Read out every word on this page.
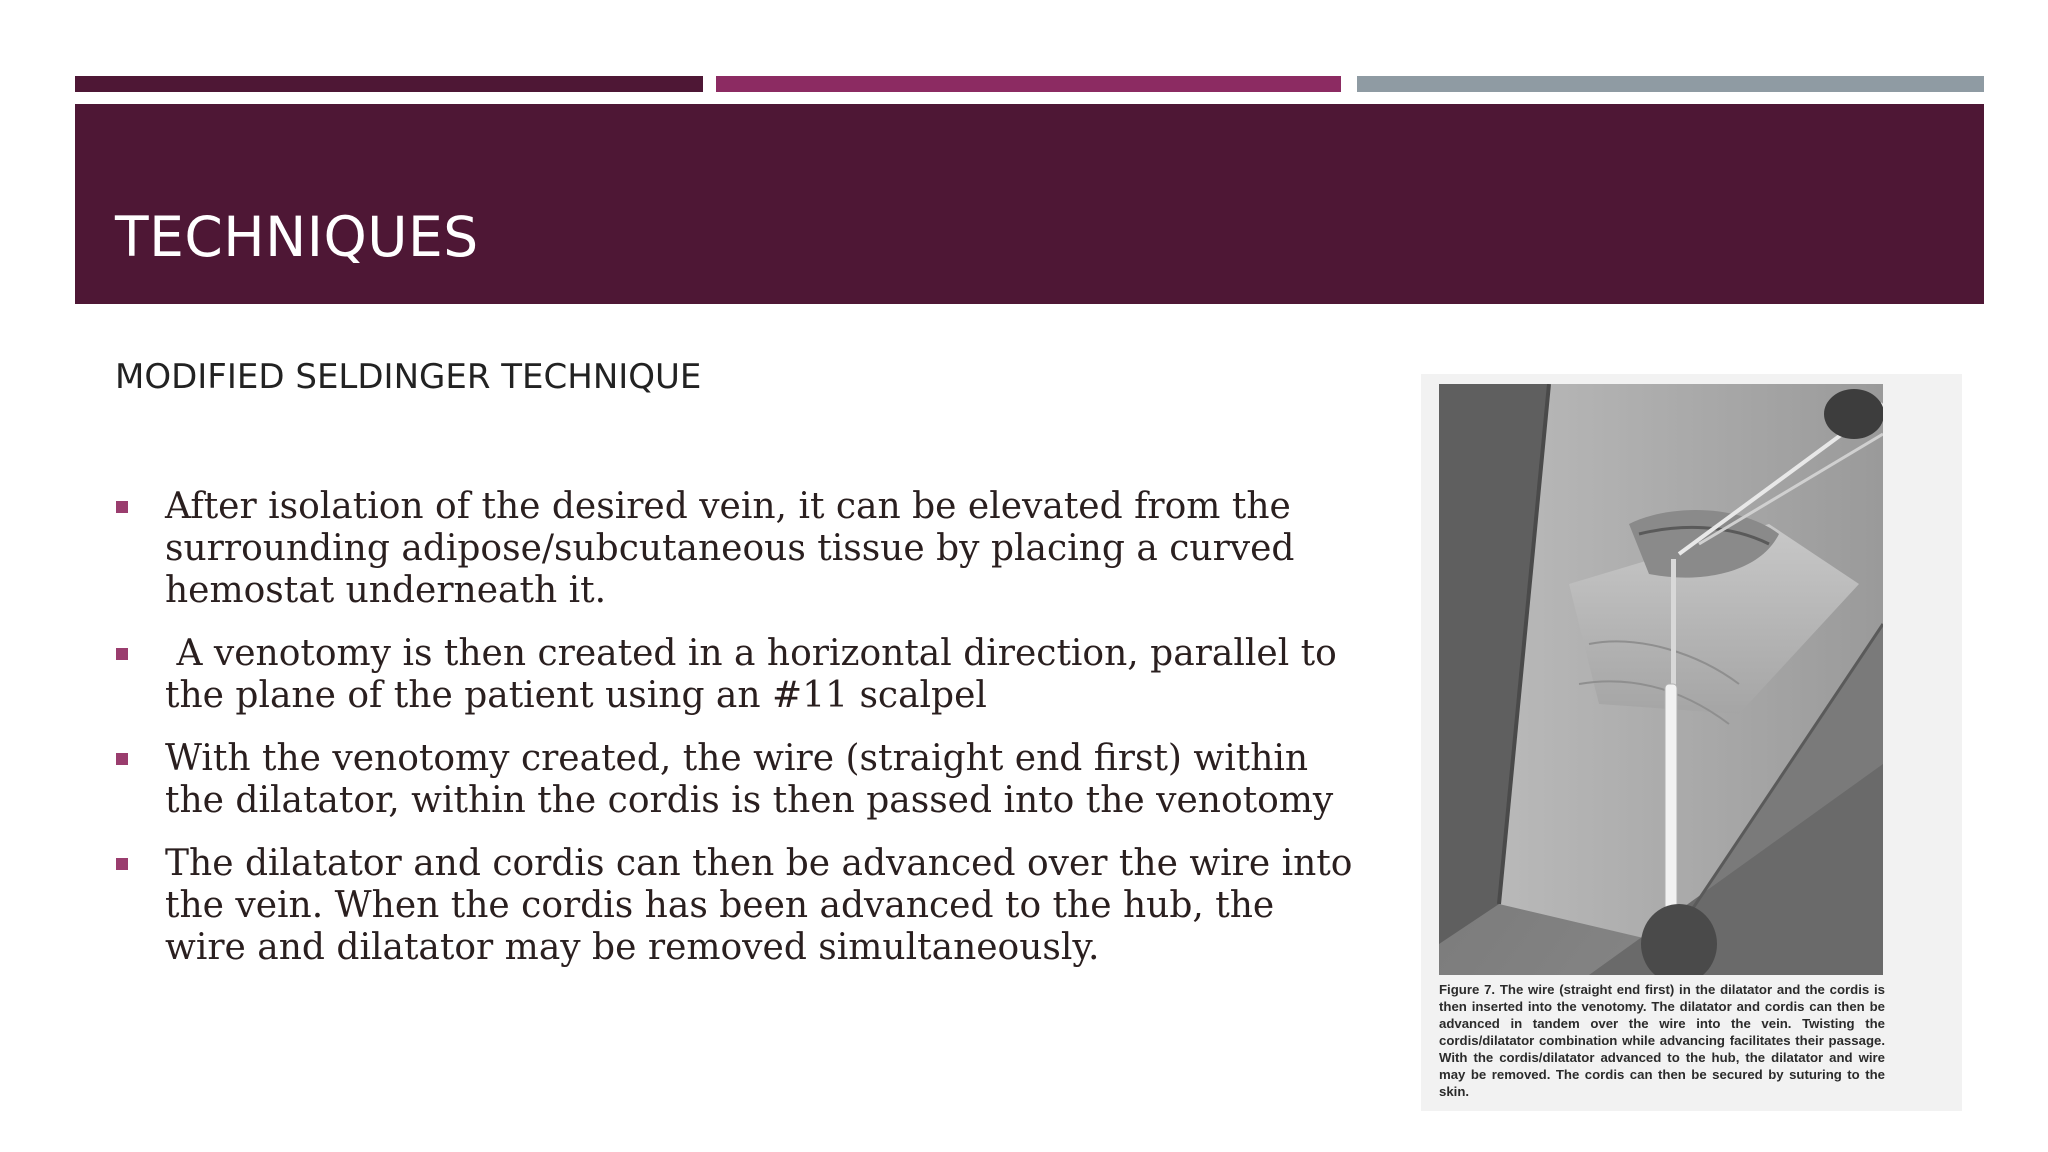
TECHNIQUES
MODIFIED SELDINGER TECHNIQUE
After isolation of the desired vein, it can be elevated from the surrounding adipose/subcutaneous tissue by placing a curved hemostat underneath it.
A venotomy is then created in a horizontal direction, parallel to the plane of the patient using an #11 scalpel
With the venotomy created, the wire (straight end first) within the dilatator, within the cordis is then passed into the venotomy
The dilatator and cordis can then be advanced over the wire into the vein. When the cordis has been advanced to the hub, the wire and dilatator may be removed simultaneously.

Figure 7. The wire (straight end first) in the dilatator and the cordis is then inserted into the venotomy. The dilatator and cordis can then be advanced in tandem over the wire into the vein. Twisting the cordis/dilatator combination while advancing facilitates their passage. With the cordis/dilatator advanced to the hub, the dilatator and wire may be removed. The cordis can then be secured by suturing to the skin.
